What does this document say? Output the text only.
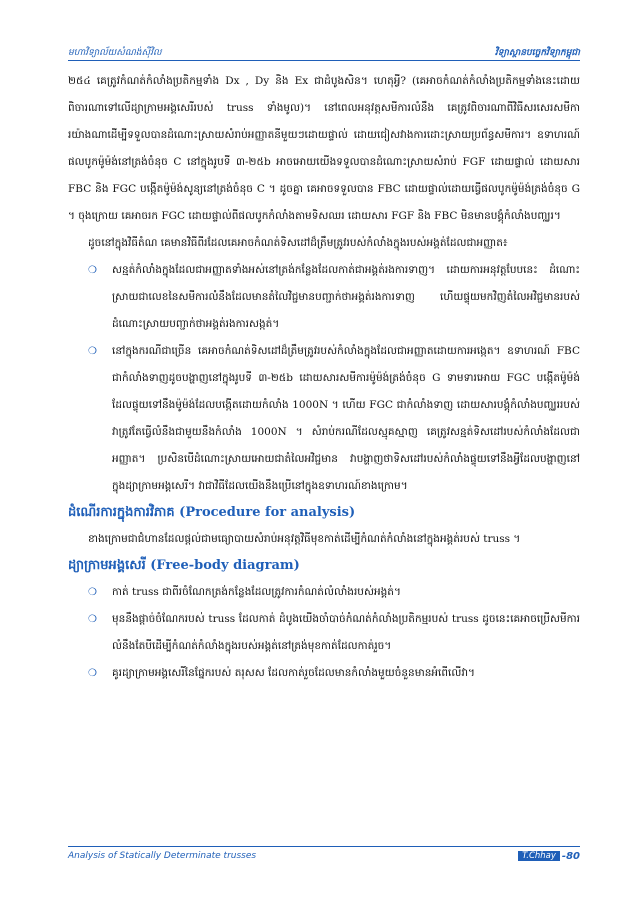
មហាវិទ្យាល័យសំណង់ស៊ីវិល	វិទ្យាស្ថានបច្ចេកវិទ្យាកម្ពុជា

២៥៤ គេត្រូវកំណត់កំលាំងប្រតិកម្មទាំង Dx , Dy និង Ex ជាដំបូងសិន។ ហេតុអ្វី? (គេអាចកំណត់កំលាំងប្រតិកម្មទាំងនេះដោយពិចារណាទៅលើដ្យាក្រាមអង្គសេរីរបស់ truss ទាំងមូល)។ នៅពេលអនុវត្តសមីការលំនឹង គេត្រូវពិចារណាពីវិធីសរសេរសមីការយ៉ាងណាដើម្បីទទួលបានដំណោះស្រាយសំរាប់អញ្ញាតនីមួយៗដោយផ្ទាល់ ដោយជៀសវាងការដោះស្រាយប្រព័ន្ធសមីការ។ ឧទាហរណ៍ ផលបូកម៉ូម៉ង់នៅត្រង់ចំនុច C នៅក្នុងរូបទី ៣-២៥b អាចអោយយើងទទួលបានដំណោះស្រាយសំរាប់ FGF ដោយផ្ទាល់ ដោយសារ FBC និង FGC បង្កើតម៉ូម៉ង់សូន្យនៅត្រង់ចំនុច C ។ ដូចគ្នា គេអាចទទួលបាន FBC ដោយផ្ទាល់ដោយធ្វើផលបូកម៉ូម៉ង់ត្រង់ចំនុច G ។ ចុងក្រោយ គេអាចរក FGC ដោយផ្ទាល់ពីផលបូកកំលាំងតាមទិសឈរ ដោយសារ FGF និង FBC មិនមានបង្គុំកំលាំងបញ្ឈរ។

ដូចនៅក្នុងវិធីតំណ គេមានវិធីពីរដែលគេអាចកំណត់ទិសដៅដ៏ត្រឹមត្រូវរបស់កំលាំងក្នុងរបស់អង្គត់ដែលជាអញ្ញាត៖

❍ សន្មត់កំលាំងក្នុងដែលជាអញ្ញាតទាំងអស់នៅត្រង់កន្លែងដែលកាត់ជាអង្គត់រងការទាញ។ ដោយការអនុវត្តបែបនេះ ដំណោះស្រាយជាលេខនៃសមីការលំនឹងដែលមានតំលៃវិជ្ជមានបញ្ជាក់ថាអង្គត់រងការទាញ ហើយផ្ទុយមកវិញតំលៃអវិជ្ជមានរបស់ដំណោះស្រាយបញ្ជាក់ថាអង្គត់រងការសង្កត់។

❍ នៅក្នុងករណីជាច្រើន គេអាចកំណត់ទិសដៅដ៏ត្រឹមត្រូវរបស់កំលាំងក្នុងដែលជាអញ្ញាតដោយការអង្កេត។ ឧទាហរណ៍ FBC ជាកំលាំងទាញដូចបង្ហាញនៅក្នុងរូបទី ៣-២៥b ដោយសារសមីការម៉ូម៉ង់ត្រង់ចំនុច G ទាមទារអោយ FGC បង្កើតម៉ូម៉ង់ដែលផ្ទុយទៅនឹងម៉ូម៉ង់ដែលបង្កើតដោយកំលាំង 1000N ។ ហើយ FGC ជាកំលាំងទាញ ដោយសារបង្គុំកំលាំងបញ្ឈររបស់វាត្រូវតែធ្វើលំនឹងជាមួយនឹងកំលាំង 1000N ។ សំរាប់ករណីដែលស្មុគស្មាញ គេត្រូវសន្មត់ទិសដៅរបស់កំលាំងដែលជាអញ្ញាត។ ប្រសិនបើដំណោះស្រាយអោយជាតំលៃអវិជ្ជមាន វាបង្ហាញថាទិសដៅរបស់កំលាំងផ្ទុយទៅនឹងអ្វីដែលបង្ហាញនៅក្នុងដ្យាក្រាមអង្គសេរី។ វាជាវិធីដែលយើងនឹងប្រើនៅក្នុងឧទាហរណ៍ខាងក្រោម។

ដំណើរការក្នុងការវិភាគ (Procedure for analysis)

ខាងក្រោមជាជំហានដែលផ្តល់ជាមធ្យោបាយសំរាប់អនុវត្តវិធីមុខកាត់ដើម្បីកំណត់កំលាំងនៅក្នុងអង្គត់របស់ truss ។

ដ្យាក្រាមអង្គសេរី (Free-body diagram)

❍ កាត់ truss ជាពីរចំណែកត្រង់កន្លែងដែលត្រូវការកំណត់លំលាំងរបស់អង្គត់។

❍ មុននឹងផ្តាច់ចំណែករបស់ truss ដែលកាត់ ដំបូងយើងចាំបាច់កំណត់កំលាំងប្រតិកម្មរបស់ truss ដូចនេះគេអាចប្រើសមីការលំនឹងតែបីដើម្បីកំណត់កំលាំងក្នុងរបស់អង្គត់នៅត្រង់មុខកាត់ដែលកាត់រួច។

❍ គូរដ្យាក្រាមអង្គសេរីនៃផ្នែករបស់ តរុសស ដែលកាត់រួចដែលមានកំលាំងមួយចំនួនមានអំពើលើវា។

Analysis of Statically Determinate trusses	T.Chhay -80
